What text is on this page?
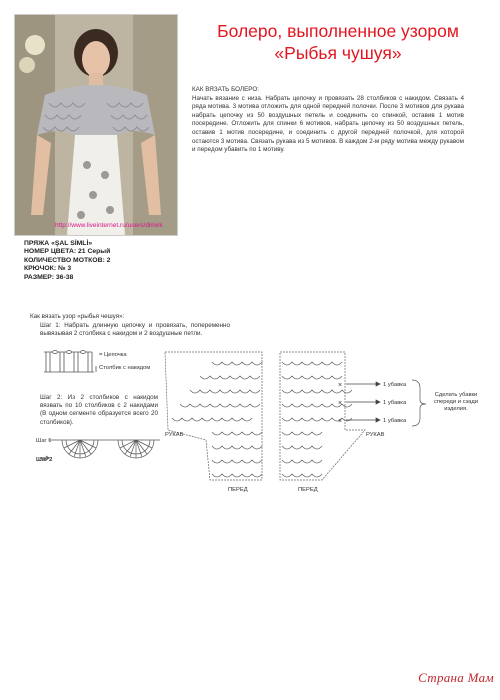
http://www.liveinternet.ru/users/dimirk
Болеро, выполненное узором
«Рыбья чушуя»
КАК ВЯЗАТЬ БОЛЕРО:
Начать вязание с низа. Набрать цепочку и провязать 28 столбиков с накидом. Связать 4 ряда мотива. 3 мотива отложить для одной передней полочки. После 3 мотивов для рукава набрать цепочку из 50 воздушных петель и соединить со спинкой, оставив 1 мотив посередине. Отложить для спинки 6 мотивов, набрать цепочку из 50 воздушных петель, оставив 1 мотив посередине, и соединить с другой передней полочкой, для которой остаются 3 мотива. Связать рукава из 5 мотивов. В каждом 2-м ряду мотива между рукавом и передом убавить по 1 мотиву.
ПРЯЖА «ŞAL SİMLİ»
НОМЕР ЦВЕТА: 21 Серый
КОЛИЧЕСТВО МОТКОВ: 2
КРЮЧОК: № 3
РАЗМЕР: 36-38
Как вязать узор «рыбья чешуя»:
Шаг 1: Набрать длинную цепочку и провязать, попеременно вывязывая 2 столбика с накидом и 2 воздушные петли.
Шаг 2: Из 2 столбиков с накидом вязвать по 10 столбиков с 2 накидами (В одном сегменте образуется всего 20 столбиков).
= Цепочка
Столбик с накидом
Шаг 1
Шаг 2
РУКАВ
ПЕРЕД
×
×
×
1 убавка
1 убавка
1 убавка
РУКАВ
ПЕРЕД
Сделать убавки спереди и сзади изделия.
Страна Мам
